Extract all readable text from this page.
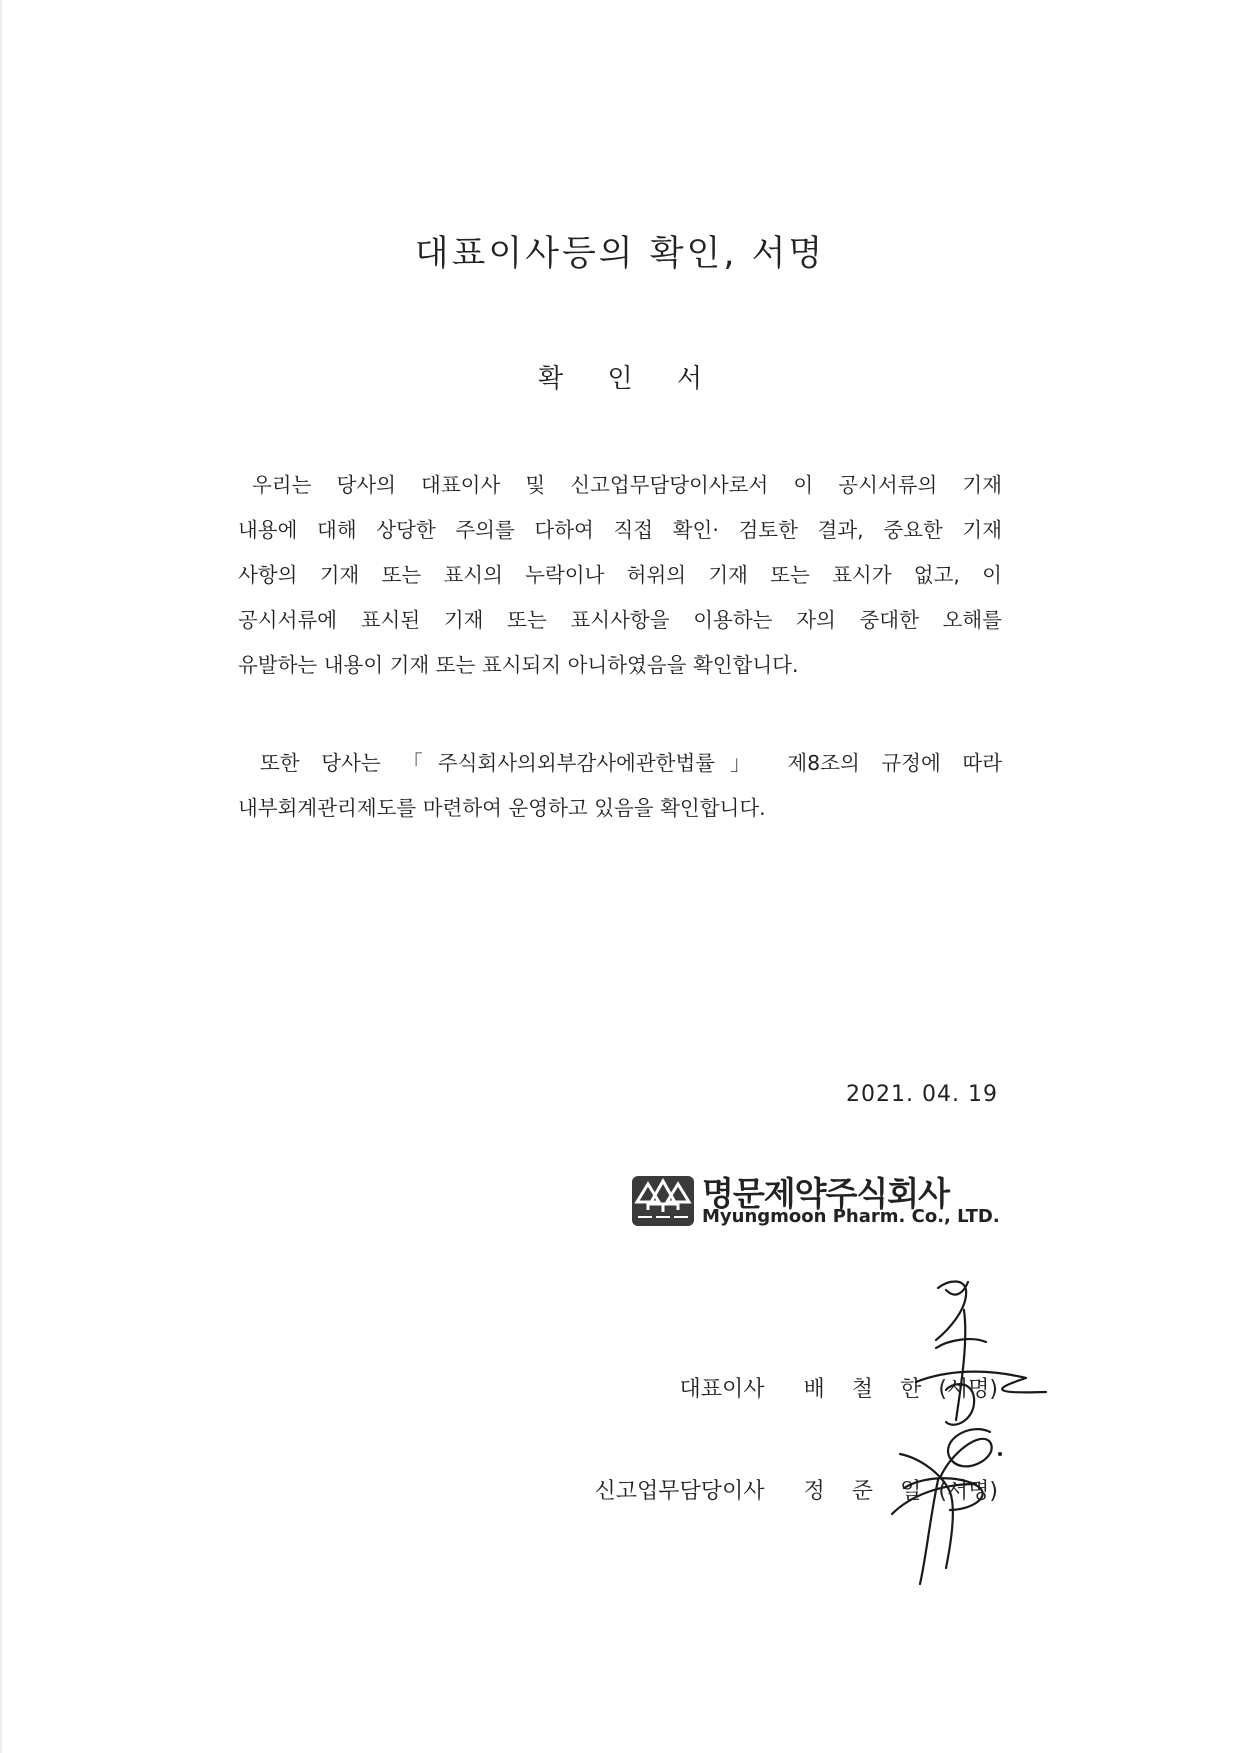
대표이사등의 확인, 서명
확 인 서
우리는 당사의 대표이사 및 신고업무담당이사로서 이 공시서류의 기재
내용에 대해 상당한 주의를 다하여 직접 확인· 검토한 결과, 중요한 기재
사항의 기재 또는 표시의 누락이나 허위의 기재 또는 표시가 없고, 이
공시서류에 표시된 기재 또는 표시사항을 이용하는 자의 중대한 오해를
유발하는 내용이 기재 또는 표시되지 아니하였음을 확인합니다.
또한 당사는 「주식회사의외부감사에관한법률」 제8조의 규정에 따라
내부회계관리제도를 마련하여 운영하고 있음을 확인합니다.
2021. 04. 19
명문제약주식회사
Myungmoon Pharm. Co., LTD.
대표이사 배 철 한 (서명)
신고업무담당이사 정 준 일 (서명)
